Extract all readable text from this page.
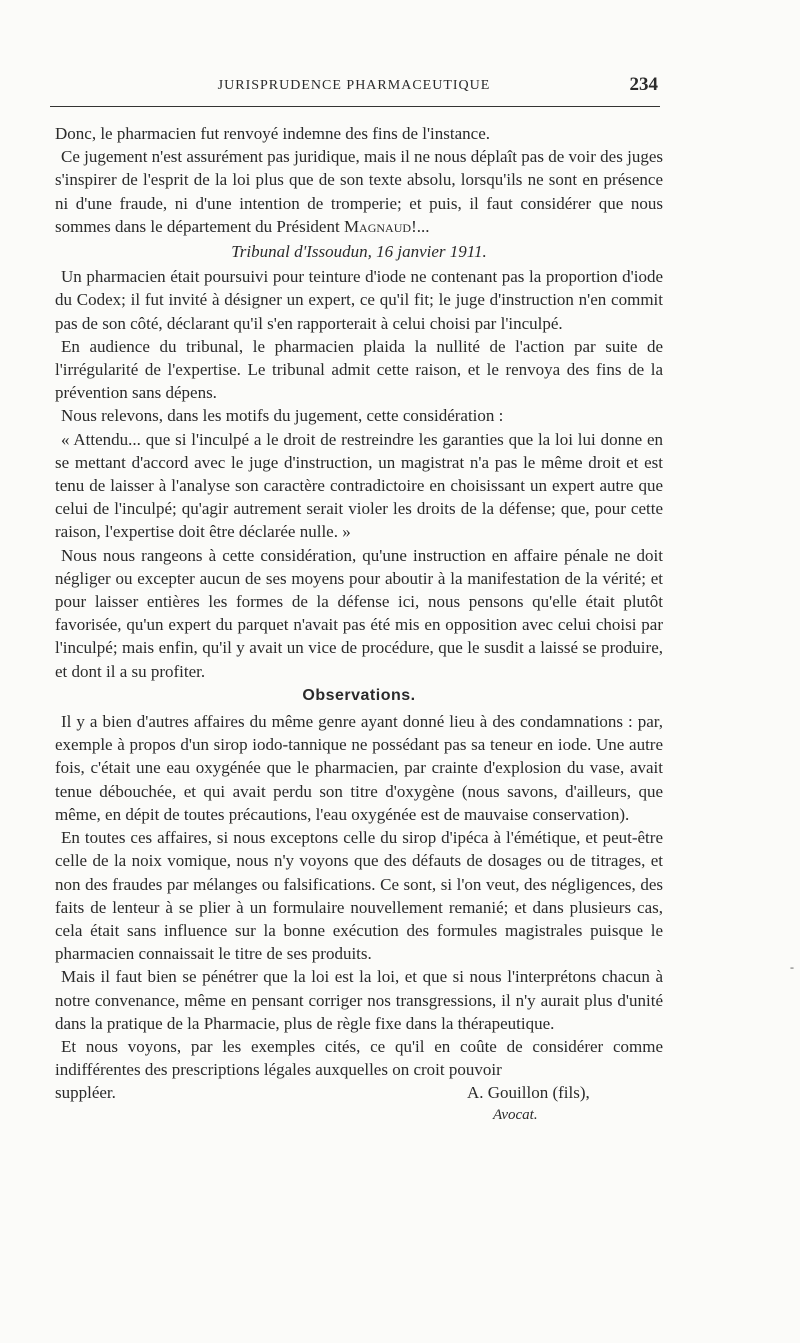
JURISPRUDENCE PHARMACEUTIQUE	234

Donc, le pharmacien fut renvoyé indemne des fins de l'instance.

Ce jugement n'est assurément pas juridique, mais il ne nous déplaît pas de voir des juges s'inspirer de l'esprit de la loi plus que de son texte absolu, lorsqu'ils ne sont en présence ni d'une fraude, ni d'une intention de tromperie; et puis, il faut considérer que nous sommes dans le département du Président Magnaud!...

Tribunal d'Issoudun, 16 janvier 1911.

Un pharmacien était poursuivi pour teinture d'iode ne contenant pas la proportion d'iode du Codex; il fut invité à désigner un expert, ce qu'il fit; le juge d'instruction n'en commit pas de son côté, déclarant qu'il s'en rapporterait à celui choisi par l'inculpé.

En audience du tribunal, le pharmacien plaida la nullité de l'action par suite de l'irrégularité de l'expertise. Le tribunal admit cette raison, et le renvoya des fins de la prévention sans dépens.

Nous relevons, dans les motifs du jugement, cette considération :

« Attendu... que si l'inculpé a le droit de restreindre les garanties que la loi lui donne en se mettant d'accord avec le juge d'instruction, un magistrat n'a pas le même droit et est tenu de laisser à l'analyse son caractère contradictoire en choisissant un expert autre que celui de l'inculpé; qu'agir autrement serait violer les droits de la défense; que, pour cette raison, l'expertise doit être déclarée nulle. »

Nous nous rangeons à cette considération, qu'une instruction en affaire pénale ne doit négliger ou excepter aucun de ses moyens pour aboutir à la manifestation de la vérité; et pour laisser entières les formes de la défense ici, nous pensons qu'elle était plutôt favorisée, qu'un expert du parquet n'avait pas été mis en opposition avec celui choisi par l'inculpé; mais enfin, qu'il y avait un vice de procédure, que le susdit a laissé se produire, et dont il a su profiter.

Observations.

Il y a bien d'autres affaires du même genre ayant donné lieu à des condamnations : par, exemple à propos d'un sirop iodo-tannique ne possédant pas sa teneur en iode. Une autre fois, c'était une eau oxygénée que le pharmacien, par crainte d'explosion du vase, avait tenue débouchée, et qui avait perdu son titre d'oxygène (nous savons, d'ailleurs, que même, en dépit de toutes précautions, l'eau oxygénée est de mauvaise conservation).

En toutes ces affaires, si nous exceptons celle du sirop d'ipéca à l'émétique, et peut-être celle de la noix vomique, nous n'y voyons que des défauts de dosages ou de titrages, et non des fraudes par mélanges ou falsifications. Ce sont, si l'on veut, des négligences, des faits de lenteur à se plier à un formulaire nouvellement remanié; et dans plusieurs cas, cela était sans influence sur la bonne exécution des formules magistrales puisque le pharmacien connaissait le titre de ses produits.

Mais il faut bien se pénétrer que la loi est la loi, et que si nous l'interprétons chacun à notre convenance, même en pensant corriger nos transgressions, il n'y aurait plus d'unité dans la pratique de la Pharmacie, plus de règle fixe dans la thérapeutique.

Et nous voyons, par les exemples cités, ce qu'il en coûte de considérer comme indifférentes des prescriptions légales auxquelles on croit pouvoir

suppléer.	A. Gouillon (fils),
Avocat.
-
